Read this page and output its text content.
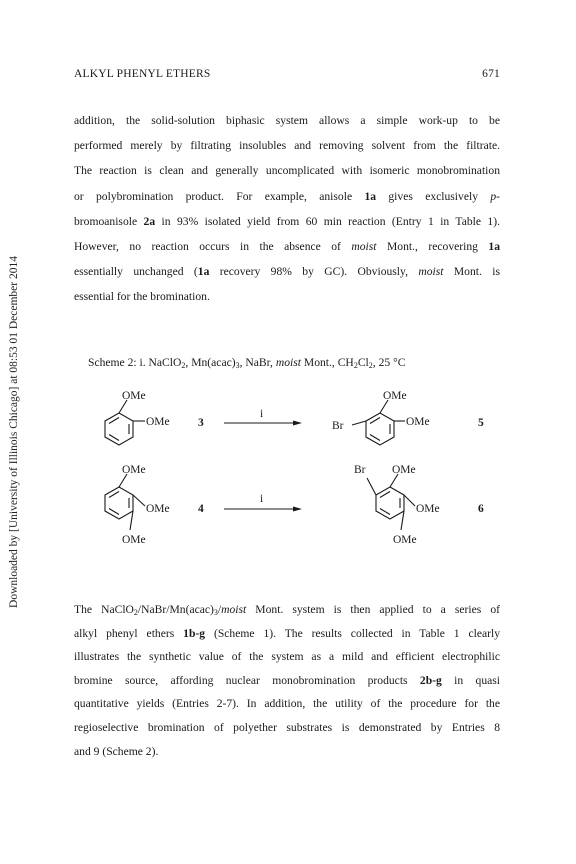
ALKYL PHENYL ETHERS	671
Downloaded by [University of Illinois Chicago] at 08:53 01 December 2014
addition, the solid-solution biphasic system allows a simple work-up to be
performed merely by filtrating insolubles and removing solvent from the filtrate.
The reaction is clean and generally uncomplicated with isomeric monobromination
or polybromination product. For example, anisole 1a gives exclusively p-
bromoanisole 2a in 93% isolated yield from 60 min reaction (Entry 1 in Table 1).
However, no reaction occurs in the absence of moist Mont., recovering 1a
essentially unchanged (1a recovery 98% by GC). Obviously, moist Mont. is
essential for the bromination.
Scheme 2: i. NaClO$_2$, $Mn(acac)_3$, NaBr, moist Mont., $CH_2Cl_2$, 25 °C
OMe
OMe 3
i
OMe
OMe
Br	5
OMe
OMe
OMe
4
i
OMe
OMe
OMe
Br
6
The $NaClO_2/NaBr/Mn(acac)_3$/moist Mont. system is then applied to a series of
alkyl phenyl ethers 1b-g (Scheme 1). The results collected in Table 1 clearly
illustrates the synthetic value of the system as a mild and efficient electrophilic
bromine source, affording nuclear monobromination products 2b-g in quasi
quantitative yields (Entries 2-7). In addition, the utility of the procedure for the
regioselective bromination of polyether substrates is demonstrated by Entries 8
and 9 (Scheme 2).
